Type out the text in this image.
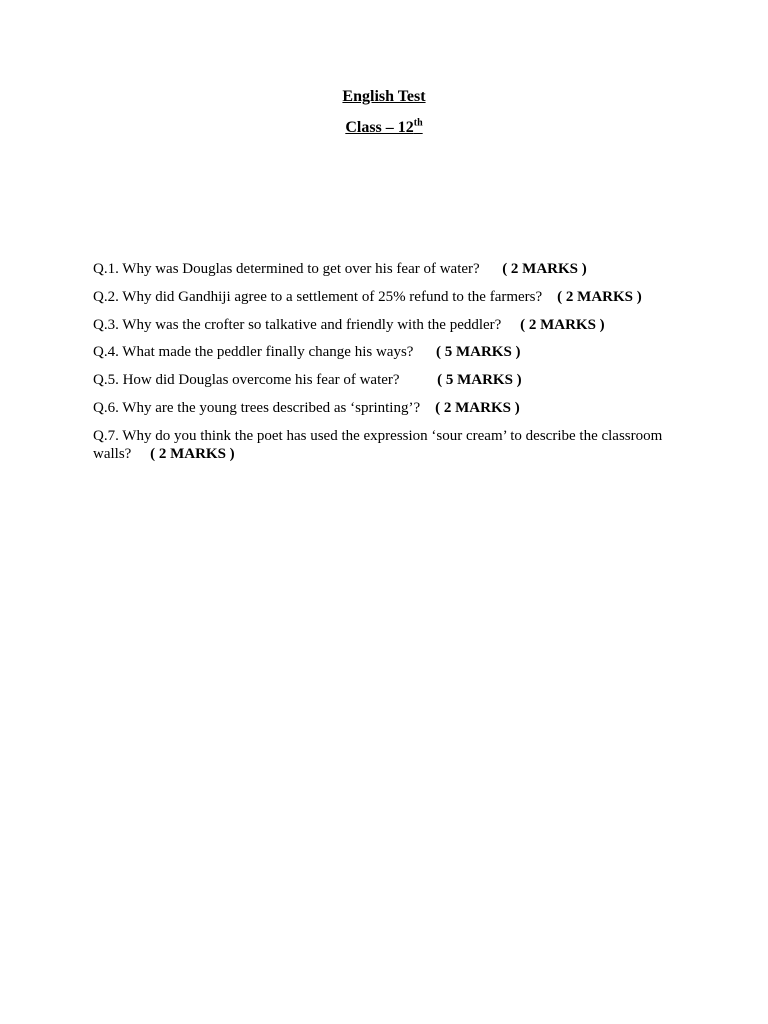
English Test
Class – 12th
Q.1. Why was Douglas determined to get over his fear of water? ( 2 MARKS )
Q.2. Why did Gandhiji agree to a settlement of 25% refund to the farmers? ( 2 MARKS )
Q.3. Why was the crofter so talkative and friendly with the peddler? ( 2 MARKS )
Q.4. What made the peddler finally change his ways? ( 5 MARKS )
Q.5. How did Douglas overcome his fear of water?	( 5 MARKS )
Q.6. Why are the young trees described as ‘sprinting’? ( 2 MARKS )
Q.7. Why do you think the poet has used the expression ‘sour cream’ to describe the classroom walls? ( 2 MARKS )
